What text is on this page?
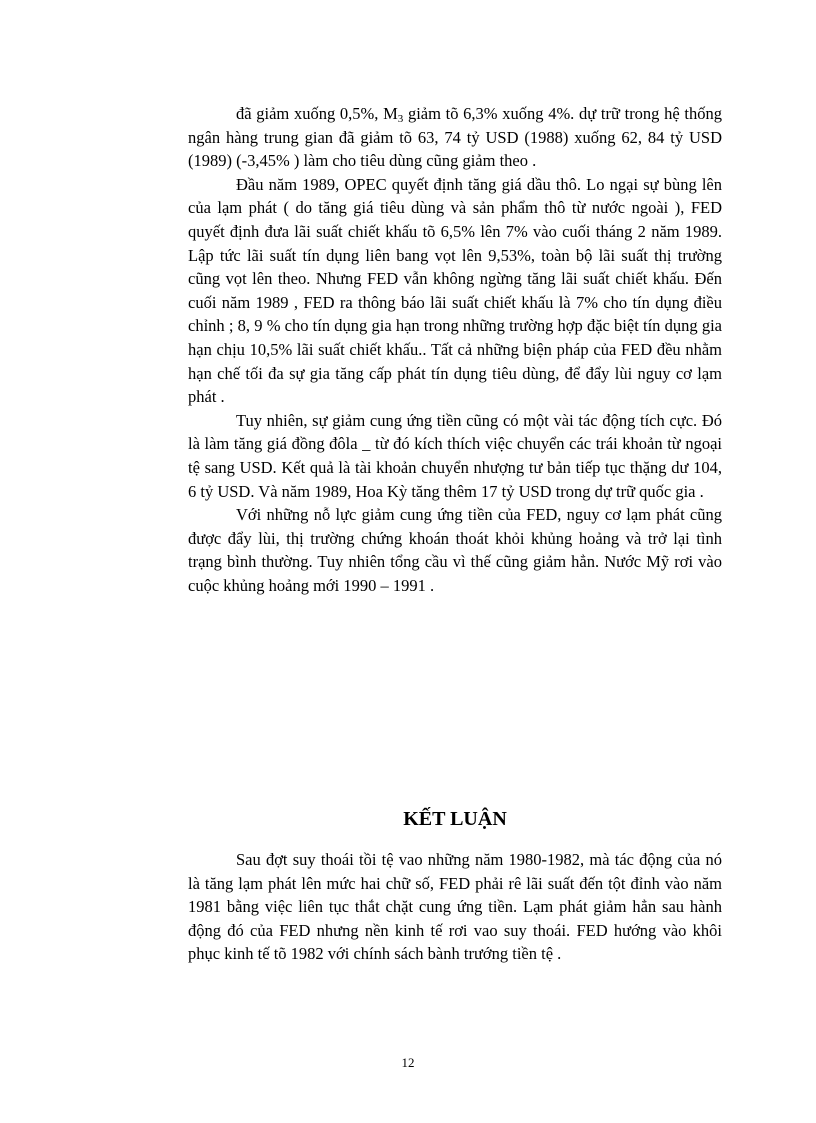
đã giảm xuống 0,5%, $M_3$ giảm tõ 6,3% xuống 4%. dự trữ trong hệ thống ngân hàng trung gian đã giảm tõ 63, 74 tỷ USD (1988) xuống 62, 84 tỷ USD (1989) (-3,45% ) làm cho tiêu dùng cũng giảm theo .

Đầu năm 1989, OPEC quyết định tăng giá dầu thô. Lo ngại sự bùng lên của lạm phát ( do tăng giá tiêu dùng và sản phẩm thô từ nước ngoài ), FED quyết định đưa lãi suất chiết khấu tõ 6,5% lên 7% vào cuối tháng 2 năm 1989. Lập tức lãi suất tín dụng liên bang vọt lên 9,53%, toàn bộ lãi suất thị trường cũng vọt lên theo. Nhưng FED vẫn không ngừng tăng lãi suất chiết khấu. Đến cuối năm 1989 , FED ra thông báo lãi suất chiết khấu là 7% cho tín dụng điều chỉnh ; 8, 9 % cho tín dụng gia hạn trong những trường hợp đặc biệt tín dụng gia hạn chịu 10,5% lãi suất chiết khấu.. Tất cả những biện pháp của FED đều nhằm hạn chế tối đa sự gia tăng cấp phát tín dụng tiêu dùng, để đẩy lùi nguy cơ lạm phát .

Tuy nhiên, sự giảm cung ứng tiền cũng có một vài tác động tích cực. Đó là làm tăng giá đồng đôla _ từ đó kích thích việc chuyển các trái khoản từ ngoại tệ sang USD. Kết quả là tài khoản chuyển nhượng tư bản tiếp tục thặng dư 104, 6 tỷ USD. Và năm 1989, Hoa Kỳ tăng thêm 17 tỷ USD trong dự trữ quốc gia .

Với những nỗ lực giảm cung ứng tiền của FED, nguy cơ lạm phát cũng được đẩy lùi, thị trường chứng khoán thoát khỏi khủng hoảng và trở lại tình trạng bình thường. Tuy nhiên tổng cầu vì thế cũng giảm hẳn. Nước Mỹ rơi vào cuộc khủng hoảng mới 1990 – 1991 .

KẾT LUẬN

Sau đợt suy thoái tồi tệ vao những năm 1980-1982, mà tác động của nó là tăng lạm phát lên mức hai chữ số, FED phải rê lãi suất đến tột đỉnh vào năm 1981 bằng việc liên tục thắt chặt cung ứng tiền. Lạm phát giảm hẳn sau hành động đó của FED nhưng nền kinh tế rơi vao suy thoái. FED hướng vào khôi phục kinh tế tõ 1982 với chính sách bành trướng tiền tệ .

12
